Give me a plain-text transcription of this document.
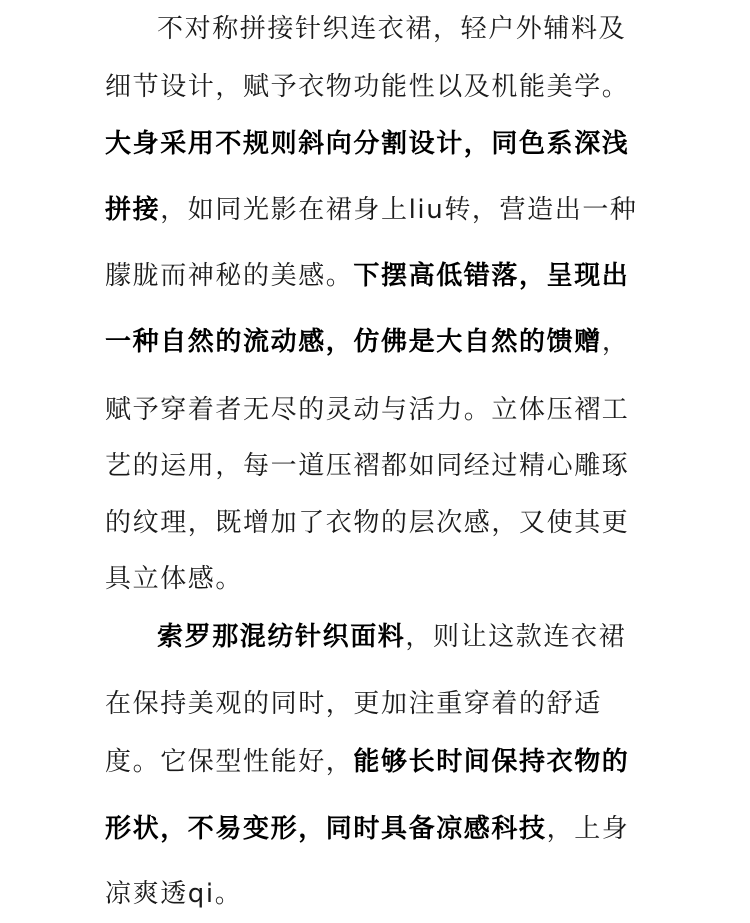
不对称拼接针织连衣裙，轻户外辅料及
细节设计，赋予衣物功能性以及机能美学。
大身采用不规则斜向分割设计，同色系深浅
拼接，如同光影在裙身上liu转，营造出一种
朦胧而神秘的美感。下摆高低错落，呈现出
一种自然的流动感，仿佛是大自然的馈赠，
赋予穿着者无尽的灵动与活力。立体压褶工
艺的运用，每一道压褶都如同经过精心雕琢
的纹理，既增加了衣物的层次感，又使其更
具立体感。
索罗那混纺针织面料，则让这款连衣裙
在保持美观的同时，更加注重穿着的舒适
度。它保型性能好，能够长时间保持衣物的
形状，不易变形，同时具备凉感科技，上身
凉爽透qi。
